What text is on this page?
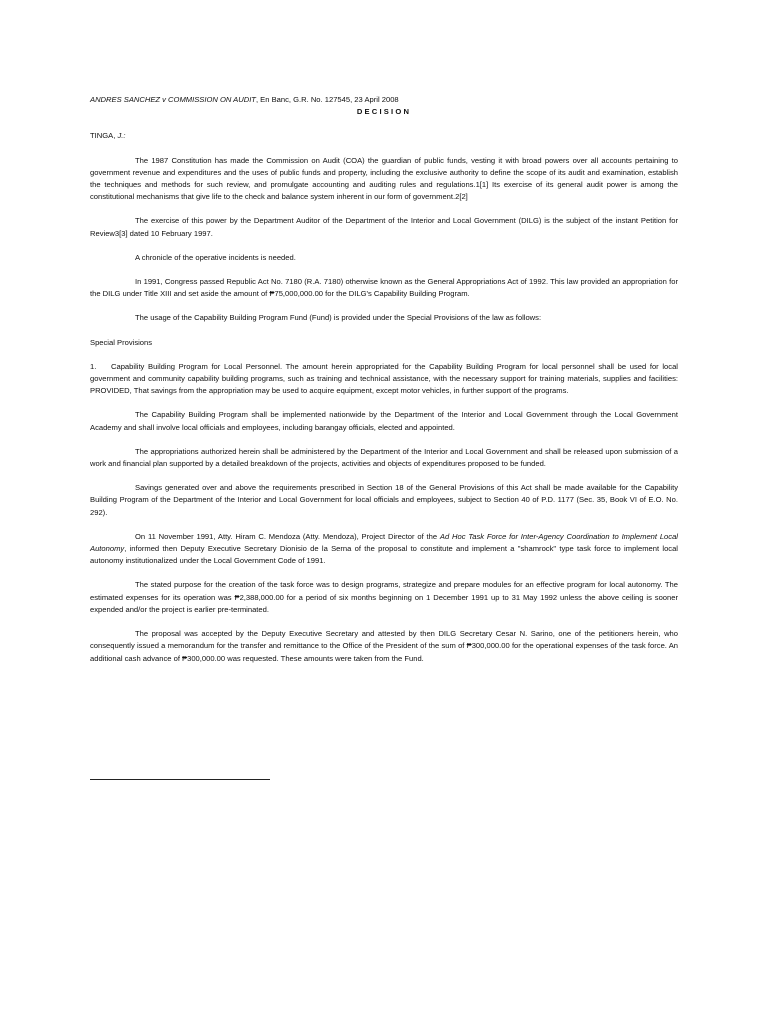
ANDRES SANCHEZ v COMMISSION ON AUDIT, En Banc, G.R. No. 127545, 23 April 2008

DECISION
TINGA, J.:

The 1987 Constitution has made the Commission on Audit (COA) the guardian of public funds, vesting it with broad powers over all accounts pertaining to government revenue and expenditures and the uses of public funds and property, including the exclusive authority to define the scope of its audit and examination, establish the techniques and methods for such review, and promulgate accounting and auditing rules and regulations.1[1] Its exercise of its general audit power is among the constitutional mechanisms that give life to the check and balance system inherent in our form of government.2[2]

The exercise of this power by the Department Auditor of the Department of the Interior and Local Government (DILG) is the subject of the instant Petition for Review3[3] dated 10 February 1997.

A chronicle of the operative incidents is needed.

In 1991, Congress passed Republic Act No. 7180 (R.A. 7180) otherwise known as the General Appropriations Act of 1992. This law provided an appropriation for the DILG under Title XIII and set aside the amount of ₱75,000,000.00 for the DILG's Capability Building Program.

The usage of the Capability Building Program Fund (Fund) is provided under the Special Provisions of the law as follows:

Special Provisions

1. Capability Building Program for Local Personnel. The amount herein appropriated for the Capability Building Program for local personnel shall be used for local government and community capability building programs, such as training and technical assistance, with the necessary support for training materials, supplies and facilities: PROVIDED, That savings from the appropriation may be used to acquire equipment, except motor vehicles, in further support of the programs.

The Capability Building Program shall be implemented nationwide by the Department of the Interior and Local Government through the Local Government Academy and shall involve local officials and employees, including barangay officials, elected and appointed.

The appropriations authorized herein shall be administered by the Department of the Interior and Local Government and shall be released upon submission of a work and financial plan supported by a detailed breakdown of the projects, activities and objects of expenditures proposed to be funded.

Savings generated over and above the requirements prescribed in Section 18 of the General Provisions of this Act shall be made available for the Capability Building Program of the Department of the Interior and Local Government for local officials and employees, subject to Section 40 of P.D. 1177 (Sec. 35, Book VI of E.O. No. 292).

On 11 November 1991, Atty. Hiram C. Mendoza (Atty. Mendoza), Project Director of the Ad Hoc Task Force for Inter-Agency Coordination to Implement Local Autonomy, informed then Deputy Executive Secretary Dionisio de la Serna of the proposal to constitute and implement a "shamrock" type task force to implement local autonomy institutionalized under the Local Government Code of 1991.

The stated purpose for the creation of the task force was to design programs, strategize and prepare modules for an effective program for local autonomy. The estimated expenses for its operation was ₱2,388,000.00 for a period of six months beginning on 1 December 1991 up to 31 May 1992 unless the above ceiling is sooner expended and/or the project is earlier pre-terminated.

The proposal was accepted by the Deputy Executive Secretary and attested by then DILG Secretary Cesar N. Sarino, one of the petitioners herein, who consequently issued a memorandum for the transfer and remittance to the Office of the President of the sum of ₱300,000.00 for the operational expenses of the task force. An additional cash advance of ₱300,000.00 was requested. These amounts were taken from the Fund.
